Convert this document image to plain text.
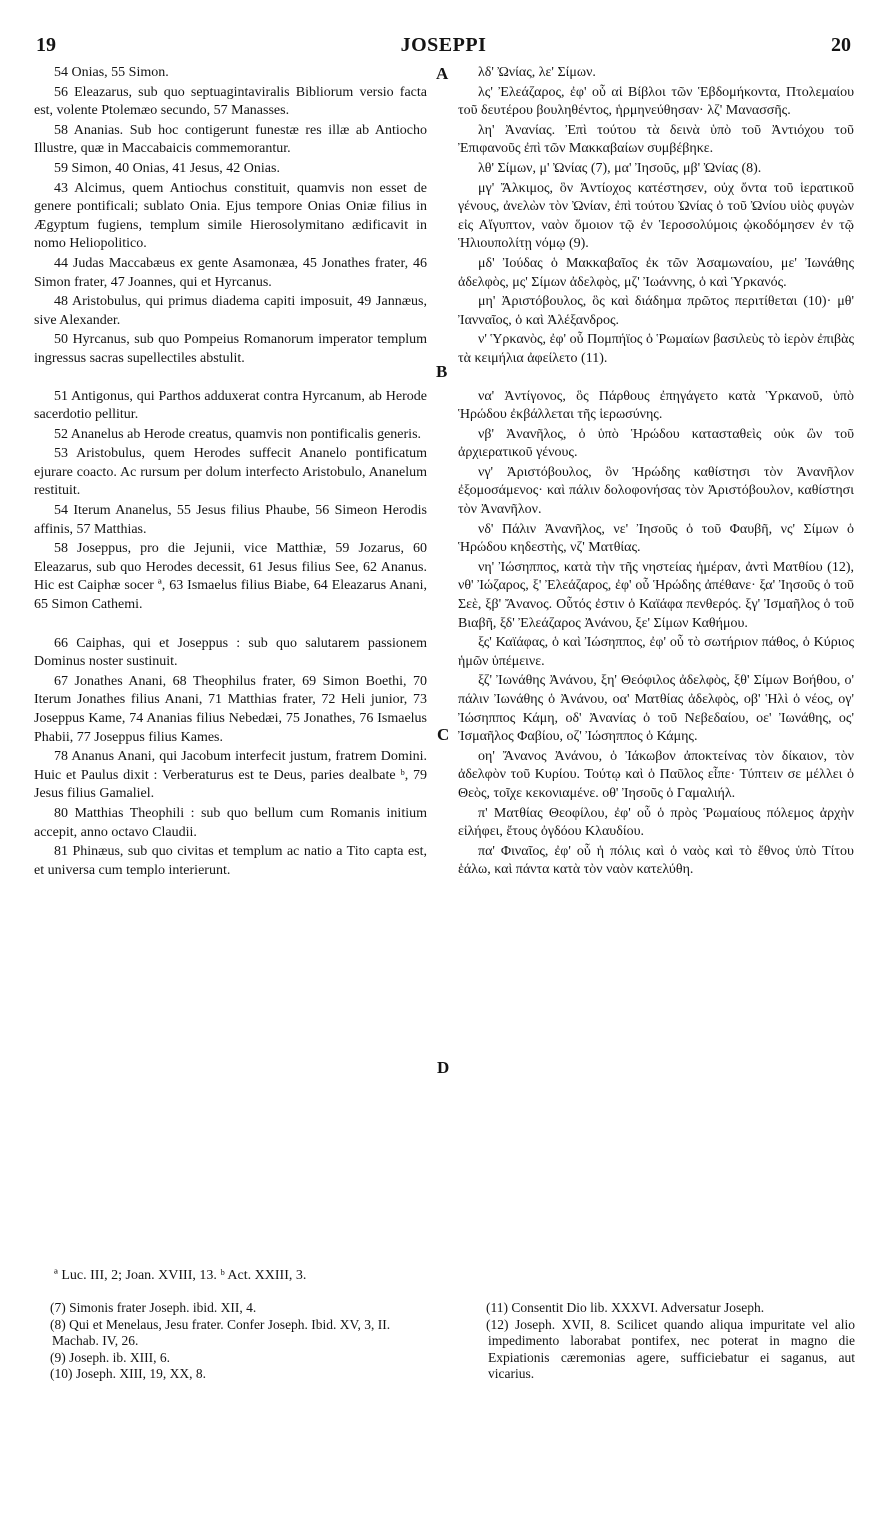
19	JOSEPPI	20
A
B
C
D

54 Onias, 55 Simon.

56 Eleazarus, sub quo septuagintaviralis Bibliorum versio facta est, volente Ptolemæo secundo, 57 Manasses.

58 Ananias. Sub hoc contigerunt funestæ res illæ ab Antiocho Illustre, quæ in Maccabaicis commemorantur.

59 Simon, 40 Onias, 41 Jesus, 42 Onias.

43 Alcimus, quem Antiochus constituit, quamvis non esset de genere pontificali; sublato Onia. Ejus tempore Onias Oniæ filius in Ægyptum fugiens, templum simile Hierosolymitano ædificavit in nomo Heliopolitico.

44 Judas Maccabæus ex gente Asamonæa, 45 Jonathes frater, 46 Simon frater, 47 Joannes, qui et Hyrcanus.

48 Aristobulus, qui primus diadema capiti imposuit, 49 Jannæus, sive Alexander.

50 Hyrcanus, sub quo Pompeius Romanorum imperator templum ingressus sacras supellectiles abstulit.

51 Antigonus, qui Parthos adduxerat contra Hyrcanum, ab Herode sacerdotio pellitur.

52 Ananelus ab Herode creatus, quamvis non pontificalis generis.

53 Aristobulus, quem Herodes suffecit Ananelo pontificatum ejurare coacto. Ac rursum per dolum interfecto Aristobulo, Ananelum restituit.

54 Iterum Ananelus, 55 Jesus filius Phaube, 56 Simeon Herodis affinis, 57 Matthias.

58 Joseppus, pro die Jejunii, vice Matthiæ, 59 Jozarus, 60 Eleazarus, sub quo Herodes decessit, 61 Jesus filius See, 62 Ananus. Hic est Caiphæ socer ª, 63 Ismaelus filius Biabe, 64 Eleazarus Anani, 65 Simon Cathemi.

66 Caiphas, qui et Joseppus : sub quo salutarem passionem Dominus noster sustinuit.

67 Jonathes Anani, 68 Theophilus frater, 69 Simon Boethi, 70 Iterum Jonathes filius Anani, 71 Matthias frater, 72 Heli junior, 73 Joseppus Kame, 74 Ananias filius Nebedæi, 75 Jonathes, 76 Ismaelus Phabii, 77 Joseppus filius Kames.

78 Ananus Anani, qui Jacobum interfecit justum, fratrem Domini. Huic et Paulus dixit : Verberaturus est te Deus, paries dealbate ᵇ, 79 Jesus filius Gamaliel.

80 Matthias Theophili : sub quo bellum cum Romanis initium accepit, anno octavo Claudii.

81 Phinæus, sub quo civitas et templum ac natio a Tito capta est, et universa cum templo interierunt.

λδ' Ὠνίας, λε' Σίμων.

λς' Ἐλεάζαρος, ἐφ' οὗ αἱ Βίβλοι τῶν Ἑβδομήκοντα, Πτολεμαίου τοῦ δευτέρου βουληθέντος, ἡρμηνεύθησαν· λζ' Μανασσῆς.

λη' Ἀνανίας. Ἐπὶ τούτου τὰ δεινὰ ὑπὸ τοῦ Ἀντιόχου τοῦ Ἐπιφανοῦς ἐπὶ τῶν Μακκαβαίων συμβέβηκε.

λθ' Σίμων, μ' Ὠνίας (7), μα' Ἰησοῦς, μβ' Ὠνίας (8).

μγ' Ἄλκιμος, ὃν Ἀντίοχος κατέστησεν, οὐχ ὄντα τοῦ ἱερατικοῦ γένους, ἀνελὼν τὸν Ὠνίαν, ἐπὶ τούτου Ὠνίας ὁ τοῦ Ὠνίου υἱὸς φυγὼν εἰς Αἴγυπτον, ναὸν ὅμοιον τῷ ἐν Ἱεροσολύμοις ᾠκοδόμησεν ἐν τῷ Ἡλιουπολίτῃ νόμῳ (9).

μδ' Ἰούδας ὁ Μακκαβαῖος ἐκ τῶν Ἀσαμωναίου, με' Ἰωνάθης ἀδελφὸς, μς' Σίμων ἀδελφὸς, μζ' Ἰωάννης, ὁ καὶ Ὑρκανός.

μη' Ἀριστόβουλος, ὃς καὶ διάδημα πρῶτος περιτίθεται (10)· μθ' Ἰανναῖος, ὁ καὶ Ἀλέξανδρος.

ν' Ὑρκανὸς, ἐφ' οὗ Πομπήϊος ὁ Ῥωμαίων βασιλεὺς τὸ ἱερὸν ἐπιβὰς τὰ κειμήλια ἀφείλετο (11).

να' Ἀντίγονος, ὃς Πάρθους ἐπηγάγετο κατὰ Ὑρκανοῦ, ὑπὸ Ἡρώδου ἐκβάλλεται τῆς ἱερωσύνης.

νβ' Ἀνανῆλος, ὁ ὑπὸ Ἡρώδου κατασταθεὶς οὐκ ὢν τοῦ ἀρχιερατικοῦ γένους.

νγ' Ἀριστόβουλος, ὃν Ἡρώδης καθίστησι τὸν Ἀνανῆλον ἐξομοσάμενος· καὶ πάλιν δολοφονήσας τὸν Ἀριστόβουλον, καθίστησι τὸν Ἀνανῆλον.

νδ' Πάλιν Ἀνανῆλος, νε' Ἰησοῦς ὁ τοῦ Φαυβῆ, νς' Σίμων ὁ Ἡρώδου κηδεστὴς, νζ' Ματθίας.

νη' Ἰώσηππος, κατὰ τὴν τῆς νηστείας ἡμέραν, ἀντὶ Ματθίου (12), νθ' Ἰώζαρος, ξ' Ἐλεάζαρος, ἐφ' οὗ Ἡρώδης ἀπέθανε· ξα' Ἰησοῦς ὁ τοῦ Σεὲ, ξβ' Ἄνανος. Οὗτός ἐστιν ὁ Καϊάφα πενθερός. ξγ' Ἰσμαῆλος ὁ τοῦ Βιαβῆ, ξδ' Ἐλεάζαρος Ἀνάνου, ξε' Σίμων Καθήμου.

ξς' Καϊάφας, ὁ καὶ Ἰώσηππος, ἐφ' οὗ τὸ σωτήριον πάθος, ὁ Κύριος ἡμῶν ὑπέμεινε.

ξζ' Ἰωνάθης Ἀνάνου, ξη' Θεόφιλος ἀδελφὸς, ξθ' Σίμων Βοήθου, ο' πάλιν Ἰωνάθης ὁ Ἀνάνου, οα' Ματθίας ἀδελφὸς, οβ' Ἡλὶ ὁ νέος, ογ' Ἰώσηππος Κάμη, οδ' Ἀνανίας ὁ τοῦ Νεβεδαίου, οε' Ἰωνάθης, ος' Ἰσμαῆλος Φαβίου, οζ' Ἰώσηππος ὁ Κάμης.

οη' Ἄνανος Ἀνάνου, ὁ Ἰάκωβον ἀποκτείνας τὸν δίκαιον, τὸν ἀδελφὸν τοῦ Κυρίου. Τούτῳ καὶ ὁ Παῦλος εἶπε· Τύπτειν σε μέλλει ὁ Θεὸς, τοῖχε κεκονιαμένε. οθ' Ἰησοῦς ὁ Γαμαλιήλ.

π' Ματθίας Θεοφίλου, ἐφ' οὗ ὁ πρὸς Ῥωμαίους πόλεμος ἀρχὴν εἰλήφει, ἔτους ὀγδόου Κλαυδίου.

πα' Φιναῖος, ἐφ' οὗ ἡ πόλις καὶ ὁ ναὸς καὶ τὸ ἔθνος ὑπὸ Τίτου ἑάλω, καὶ πάντα κατὰ τὸν ναὸν κατελύθη.

ª Luc. III, 2; Joan. XVIII, 13. ᵇ Act. XXIII, 3.

(7) Simonis frater Joseph. ibid. XII, 4.

(8) Qui et Menelaus, Jesu frater. Confer Joseph. Ibid. XV, 3, II. Machab. IV, 26.

(9) Joseph. ib. XIII, 6.

(10) Joseph. XIII, 19, XX, 8.

(11) Consentit Dio lib. XXXVI. Adversatur Joseph.

(12) Joseph. XVII, 8. Scilicet quando aliqua impuritate vel alio impedimento laborabat pontifex, nec poterat in magno die Expiationis cæremonias agere, sufficiebatur ei saganus, aut vicarius.
